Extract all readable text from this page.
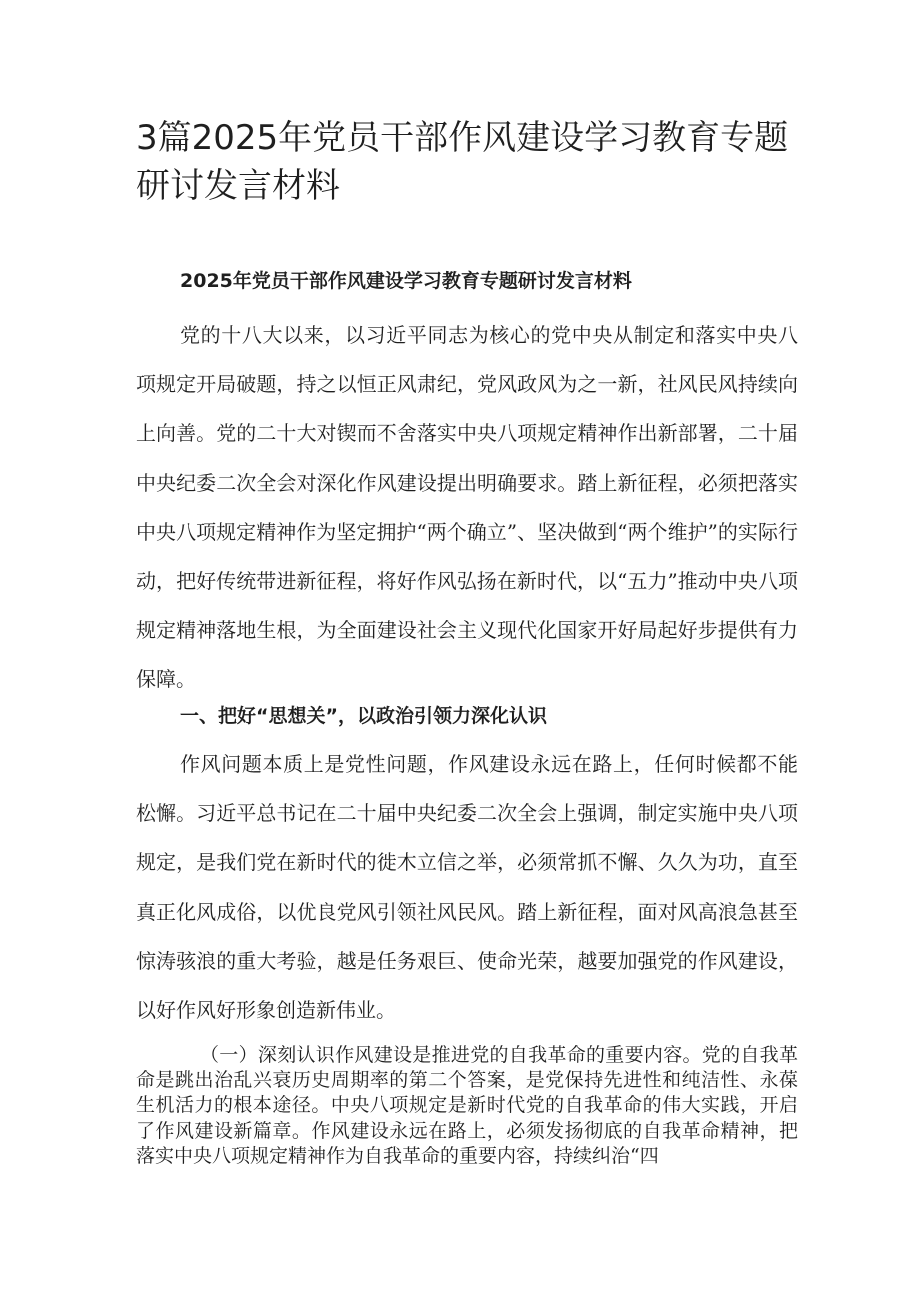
3篇2025年党员干部作风建设学习教育专题研讨发言材料
2025年党员干部作风建设学习教育专题研讨发言材料

党的十八大以来，以习近平同志为核心的党中央从制定和落实中央八项规定开局破题，持之以恒正风肃纪，党风政风为之一新，社风民风持续向上向善。党的二十大对锲而不舍落实中央八项规定精神作出新部署，二十届中央纪委二次全会对深化作风建设提出明确要求。踏上新征程，必须把落实中央八项规定精神作为坚定拥护“两个确立”、坚决做到“两个维护”的实际行动，把好传统带进新征程，将好作风弘扬在新时代，以“五力”推动中央八项规定精神落地生根，为全面建设社会主义现代化国家开好局起好步提供有力保障。

一、把好“思想关”，以政治引领力深化认识

作风问题本质上是党性问题，作风建设永远在路上，任何时候都不能松懈。习近平总书记在二十届中央纪委二次全会上强调，制定实施中央八项规定，是我们党在新时代的徙木立信之举，必须常抓不懈、久久为功，直至真正化风成俗，以优良党风引领社风民风。踏上新征程，面对风高浪急甚至惊涛骇浪的重大考验，越是任务艰巨、使命光荣，越要加强党的作风建设，以好作风好形象创造新伟业。

（一）深刻认识作风建设是推进党的自我革命的重要内容。党的自我革命是跳出治乱兴衰历史周期率的第二个答案，是党保持先进性和纯洁性、永葆生机活力的根本途径。中央八项规定是新时代党的自我革命的伟大实践，开启了作风建设新篇章。作风建设永远在路上，必须发扬彻底的自我革命精神，把落实中央八项规定精神作为自我革命的重要内容，持续纠治“四
